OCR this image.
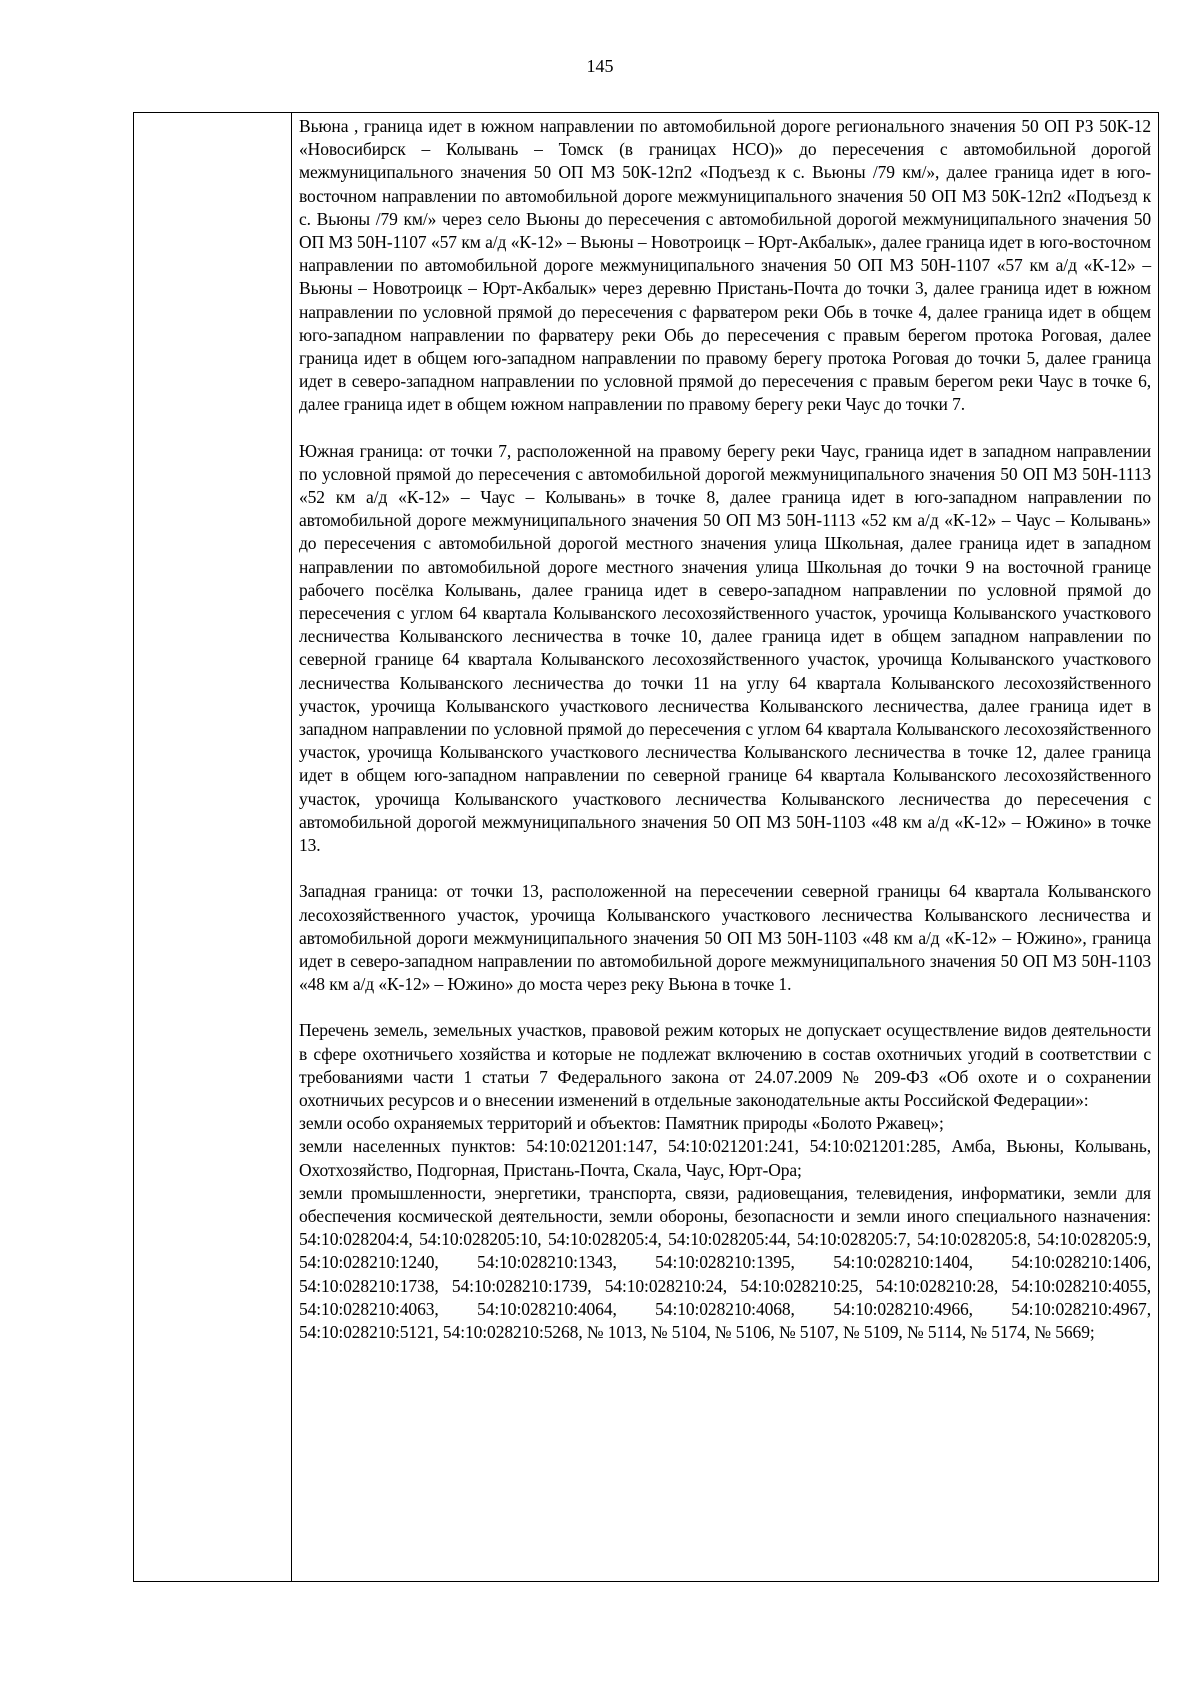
145

Вьюна , граница идет в южном направлении по автомобильной дороге регионального значения 50 ОП РЗ 50К-12 «Новосибирск – Колывань – Томск (в границах НСО)» до пересечения с автомобильной дорогой межмуниципального значения 50 ОП МЗ 50К-12п2 «Подъезд к с. Вьюны /79 км/», далее граница идет в юго-восточном направлении по автомобильной дороге межмуниципального значения 50 ОП МЗ 50К-12п2 «Подъезд к с. Вьюны /79 км/» через село Вьюны до пересечения с автомобильной дорогой межмуниципального значения 50 ОП МЗ 50Н-1107 «57 км а/д «К-12» – Вьюны – Новотроицк – Юрт-Акбалык», далее граница идет в юго-восточном направлении по автомобильной дороге межмуниципального значения 50 ОП МЗ 50Н-1107 «57 км а/д «К-12» – Вьюны – Новотроицк – Юрт-Акбалык» через деревню Пристань-Почта до точки 3, далее граница идет в южном направлении по условной прямой до пересечения с фарватером реки Обь в точке 4, далее граница идет в общем юго-западном направлении по фарватеру реки Обь до пересечения с правым берегом протока Роговая, далее граница идет в общем юго-западном направлении по правому берегу протока Роговая до точки 5, далее граница идет в северо-западном направлении по условной прямой до пересечения с правым берегом реки Чаус в точке 6, далее граница идет в общем южном направлении по правому берегу реки Чаус до точки 7.

Южная граница: от точки 7, расположенной на правому берегу реки Чаус, граница идет в западном направлении по условной прямой до пересечения с автомобильной дорогой межмуниципального значения 50 ОП МЗ 50Н-1113 «52 км а/д «К-12» – Чаус – Колывань» в точке 8, далее граница идет в юго-западном направлении по автомобильной дороге межмуниципального значения 50 ОП МЗ 50Н-1113 «52 км а/д «К-12» – Чаус – Колывань» до пересечения с автомобильной дорогой местного значения улица Школьная, далее граница идет в западном направлении по автомобильной дороге местного значения улица Школьная до точки 9 на восточной границе рабочего посёлка Колывань, далее граница идет в северо-западном направлении по условной прямой до пересечения с углом 64 квартала Колыванского лесохозяйственного участок, урочища Колыванского участкового лесничества Колыванского лесничества в точке 10, далее граница идет в общем западном направлении по северной границе 64 квартала Колыванского лесохозяйственного участок, урочища Колыванского участкового лесничества Колыванского лесничества до точки 11 на углу 64 квартала Колыванского лесохозяйственного участок, урочища Колыванского участкового лесничества Колыванского лесничества, далее граница идет в западном направлении по условной прямой до пересечения с углом 64 квартала Колыванского лесохозяйственного участок, урочища Колыванского участкового лесничества Колыванского лесничества в точке 12, далее граница идет в общем юго-западном направлении по северной границе 64 квартала Колыванского лесохозяйственного участок, урочища Колыванского участкового лесничества Колыванского лесничества до пересечения с автомобильной дорогой межмуниципального значения 50 ОП МЗ 50Н-1103 «48 км а/д «К-12» – Южино» в точке 13.

Западная граница: от точки 13, расположенной на пересечении северной границы 64 квартала Колыванского лесохозяйственного участок, урочища Колыванского участкового лесничества Колыванского лесничества и автомобильной дороги межмуниципального значения 50 ОП МЗ 50Н-1103 «48 км а/д «К-12» – Южино», граница идет в северо-западном направлении по автомобильной дороге межмуниципального значения 50 ОП МЗ 50Н-1103 «48 км а/д «К-12» – Южино» до моста через реку Вьюна в точке 1.

Перечень земель, земельных участков, правовой режим которых не допускает осуществление видов деятельности в сфере охотничьего хозяйства и которые не подлежат включению в состав охотничьих угодий в соответствии с требованиями части 1 статьи 7 Федерального закона от 24.07.2009 № 209-ФЗ «Об охоте и о сохранении охотничьих ресурсов и о внесении изменений в отдельные законодательные акты Российской Федерации»:

земли особо охраняемых территорий и объектов: Памятник природы «Болото Ржавец»;

земли населенных пунктов: 54:10:021201:147, 54:10:021201:241, 54:10:021201:285, Амба, Вьюны, Колывань, Охотхозяйство, Подгорная, Пристань-Почта, Скала, Чаус, Юрт-Ора;

земли промышленности, энергетики, транспорта, связи, радиовещания, телевидения, информатики, земли для обеспечения космической деятельности, земли обороны, безопасности и земли иного специального назначения: 54:10:028204:4, 54:10:028205:10, 54:10:028205:4, 54:10:028205:44, 54:10:028205:7, 54:10:028205:8, 54:10:028205:9, 54:10:028210:1240, 54:10:028210:1343, 54:10:028210:1395, 54:10:028210:1404, 54:10:028210:1406, 54:10:028210:1738, 54:10:028210:1739, 54:10:028210:24, 54:10:028210:25, 54:10:028210:28, 54:10:028210:4055, 54:10:028210:4063, 54:10:028210:4064, 54:10:028210:4068, 54:10:028210:4966, 54:10:028210:4967, 54:10:028210:5121, 54:10:028210:5268, № 1013, № 5104, № 5106, № 5107, № 5109, № 5114, № 5174, № 5669;
